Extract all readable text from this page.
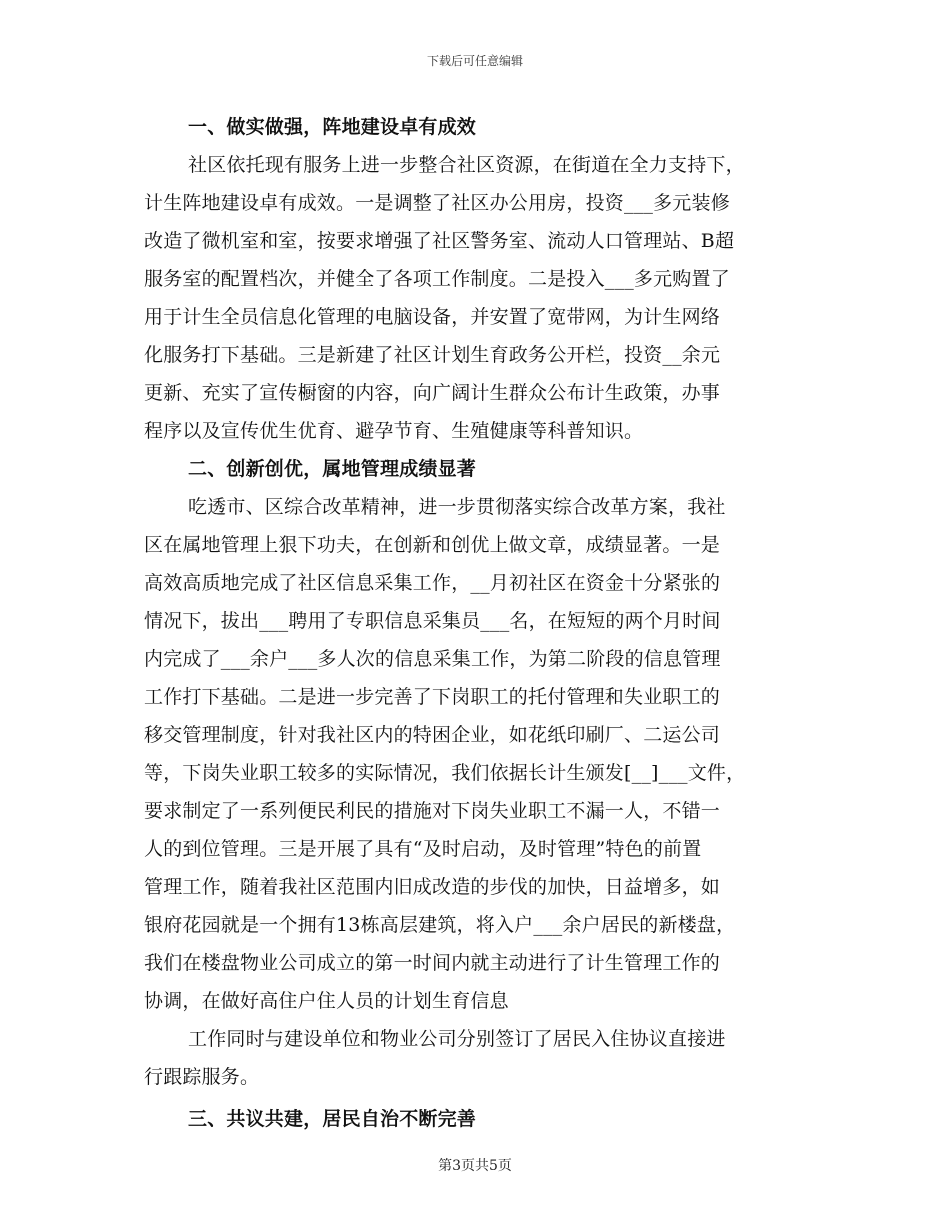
下载后可任意编辑
一、做实做强，阵地建设卓有成效
社区依托现有服务上进一步整合社区资源，在街道在全力支持下，
计生阵地建设卓有成效。一是调整了社区办公用房，投资___多元装修
改造了微机室和室，按要求增强了社区警务室、流动人口管理站、B超
服务室的配置档次，并健全了各项工作制度。二是投入___多元购置了
用于计生全员信息化管理的电脑设备，并安置了宽带网，为计生网络
化服务打下基础。三是新建了社区计划生育政务公开栏，投资__余元
更新、充实了宣传橱窗的内容，向广阔计生群众公布计生政策，办事
程序以及宣传优生优育、避孕节育、生殖健康等科普知识。
二、创新创优，属地管理成绩显著
吃透市、区综合改革精神，进一步贯彻落实综合改革方案，我社
区在属地管理上狠下功夫，在创新和创优上做文章，成绩显著。一是
高效高质地完成了社区信息采集工作，__月初社区在资金十分紧张的
情况下，拔出___聘用了专职信息采集员___名，在短短的两个月时间
内完成了___余户___多人次的信息采集工作，为第二阶段的信息管理
工作打下基础。二是进一步完善了下岗职工的托付管理和失业职工的
移交管理制度，针对我社区内的特困企业，如花纸印刷厂、二运公司
等，下岗失业职工较多的实际情况，我们依据长计生颁发[__]___文件，
要求制定了一系列便民利民的措施对下岗失业职工不漏一人，不错一
人的到位管理。三是开展了具有“及时启动，及时管理”特色的前置
管理工作，随着我社区范围内旧成改造的步伐的加快，日益增多，如
银府花园就是一个拥有13栋高层建筑，将入户___余户居民的新楼盘，
我们在楼盘物业公司成立的第一时间内就主动进行了计生管理工作的
协调，在做好高住户住人员的计划生育信息
工作同时与建设单位和物业公司分别签订了居民入住协议直接进
行跟踪服务。
三、共议共建，居民自治不断完善
第3页共5页
